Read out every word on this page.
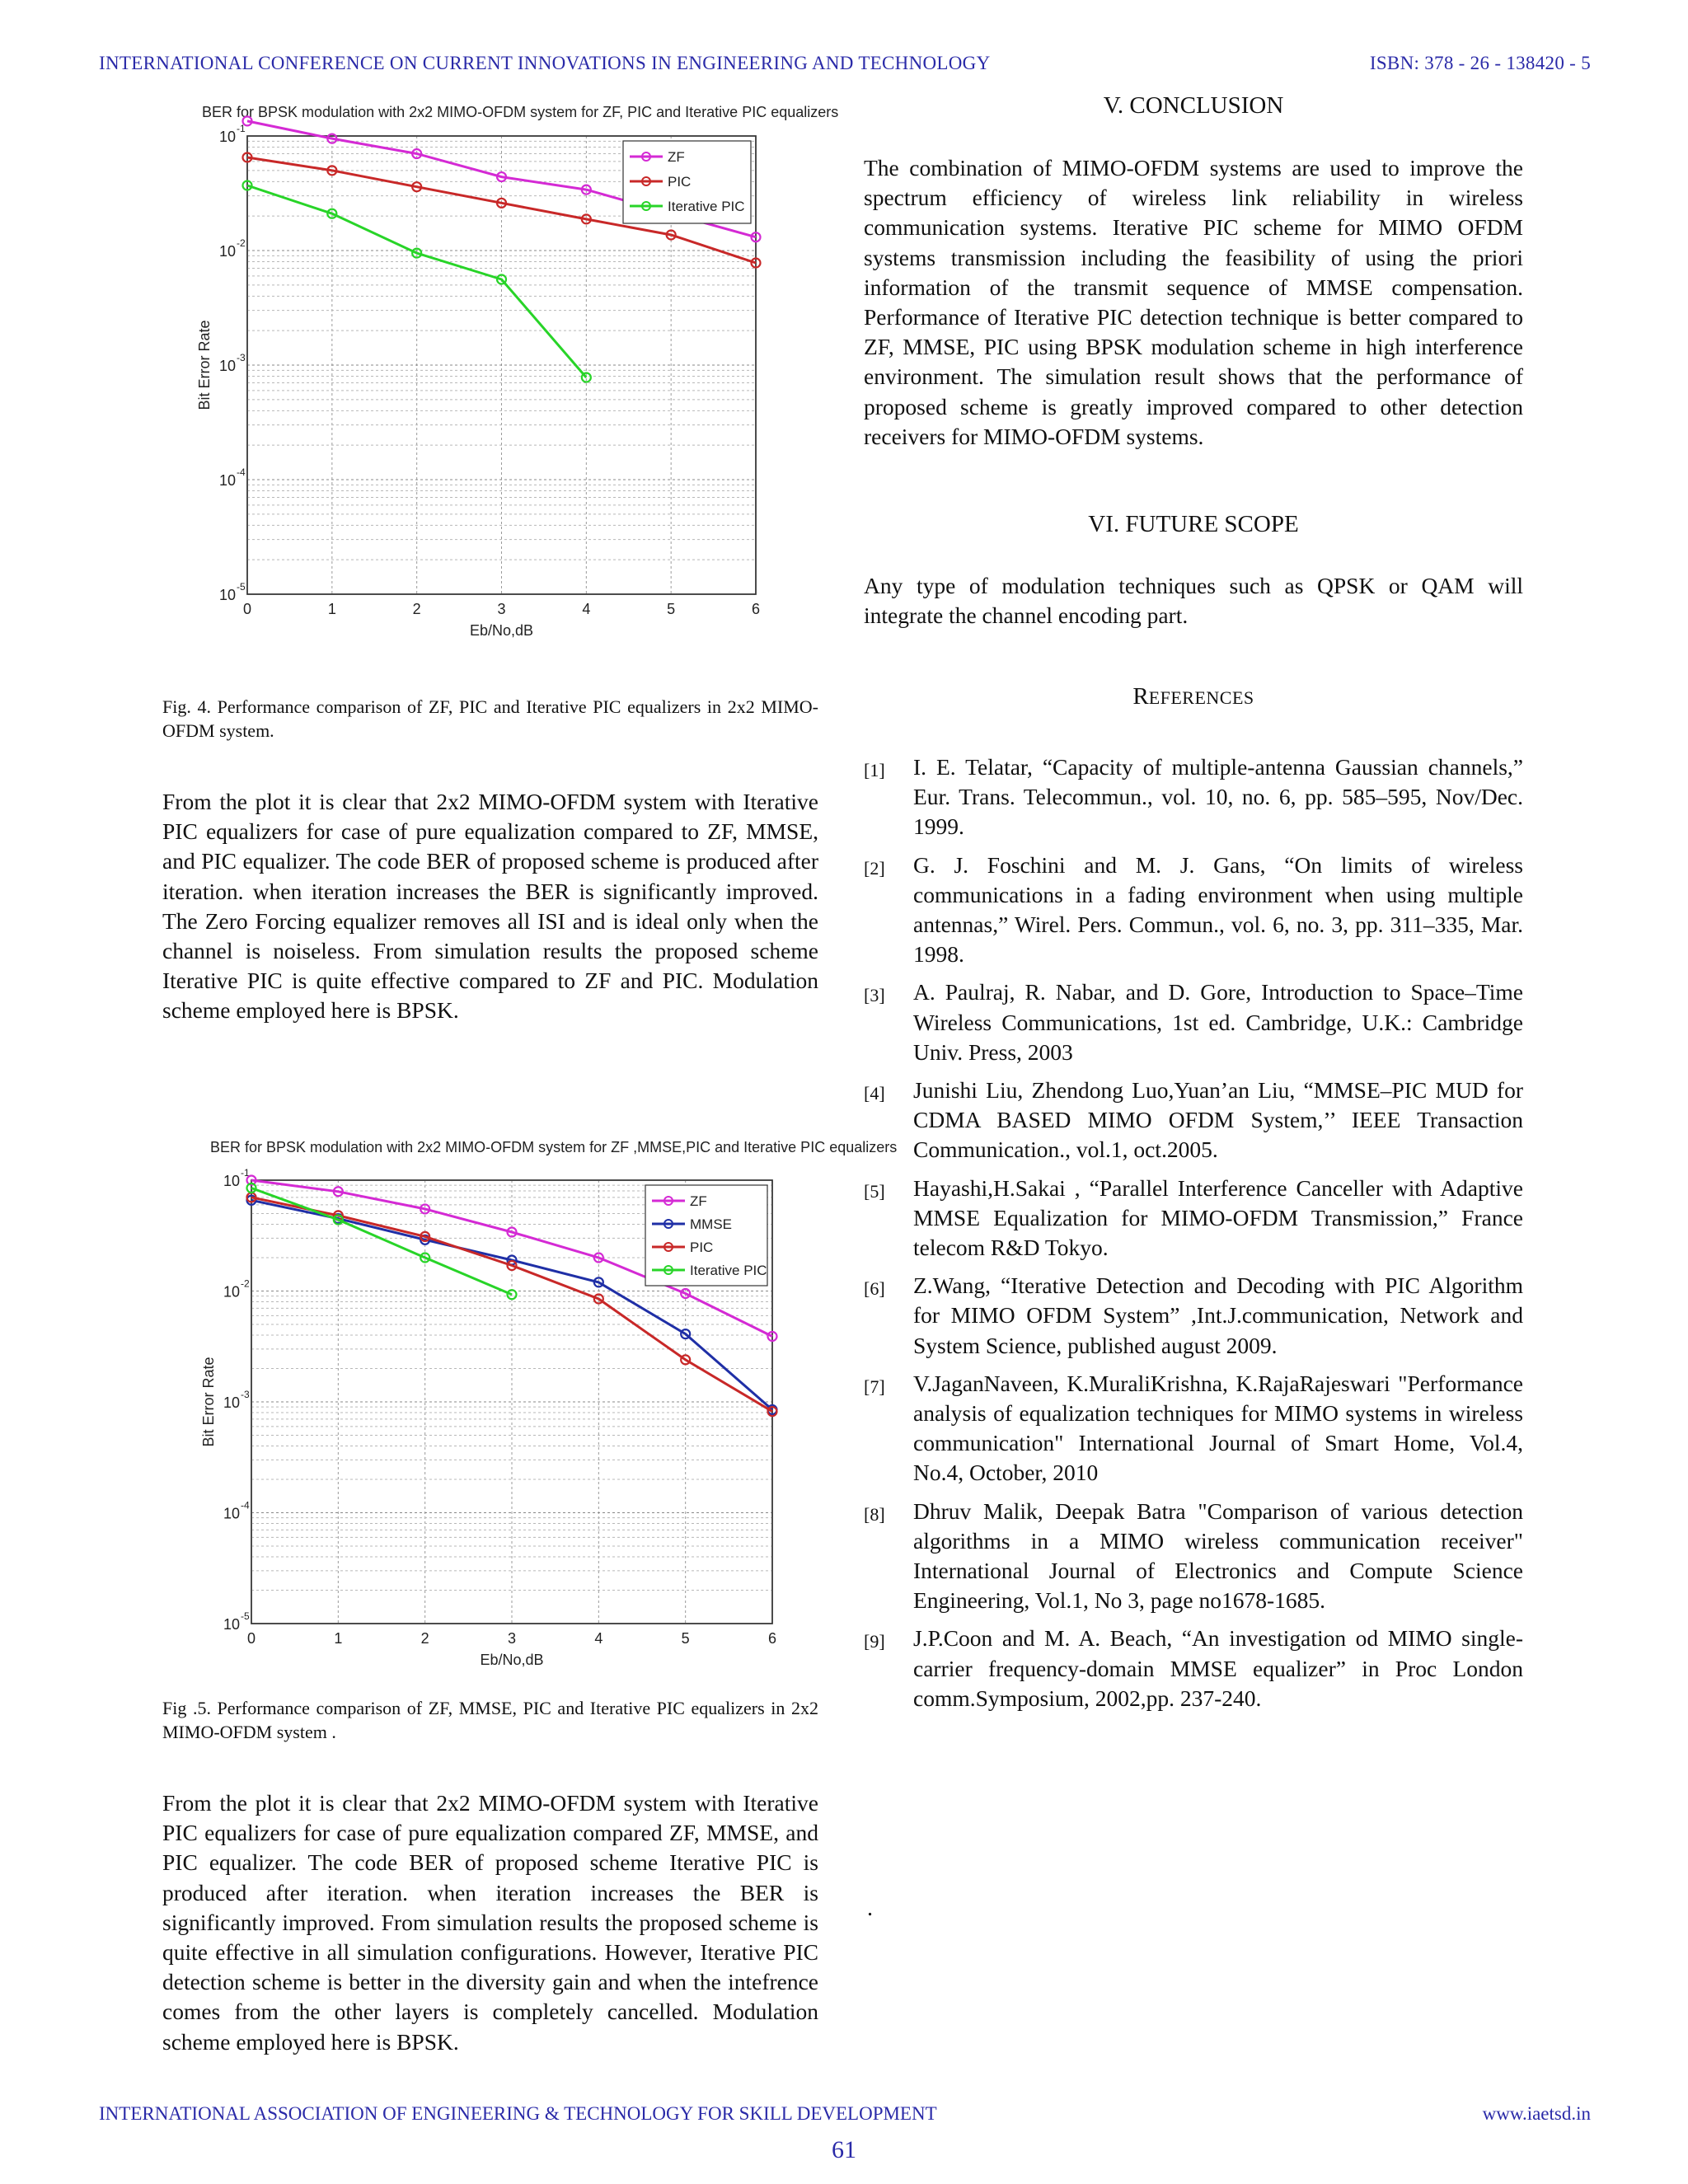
INTERNATIONAL CONFERENCE ON CURRENT INNOVATIONS IN ENGINEERING AND TECHNOLOGY	ISBN: 378 - 26 - 138420 - 5
BER for BPSK modulation with 2x2 MIMO-OFDM system for ZF, PIC and Iterative PIC equalizers
0	1	2	3	4	5	6
10 -1
10 -2
10 -3
10 -4
10 -5
Eb/No,dB
Bit Error Rate
ZF
PIC
Iterative PIC
Fig. 4. Performance comparison of ZF, PIC and Iterative PIC equalizers in 2x2 MIMO-OFDM system.
From the plot it is clear that 2x2 MIMO-OFDM system with Iterative PIC equalizers for case of pure equalization compared to ZF, MMSE, and PIC equalizer. The code BER of proposed scheme is produced after iteration. when iteration increases the BER is significantly improved. The Zero Forcing equalizer removes all ISI and is ideal only when the channel is noiseless. From simulation results the proposed scheme Iterative PIC is quite effective compared to ZF and PIC. Modulation scheme employed here is BPSK.
BER for BPSK modulation with 2x2 MIMO-OFDM system for ZF ,MMSE,PIC and Iterative PIC equalizers
0	1	2	3	4	5	6
10 -1
10 -2
10 -3
10 -4
10 -5
Eb/No,dB
Bit Error Rate
ZF
MMSE
PIC
Iterative PIC
Fig .5. Performance comparison of ZF, MMSE, PIC and Iterative PIC equalizers in 2x2 MIMO-OFDM system .
From the plot it is clear that 2x2 MIMO-OFDM system with Iterative PIC equalizers for case of pure equalization compared ZF, MMSE, and PIC equalizer. The code BER of proposed scheme Iterative PIC is produced after iteration. when iteration increases the BER is significantly improved. From simulation results the proposed scheme is quite effective in all simulation configurations. However, Iterative PIC detection scheme is better in the diversity gain and when the intefrence comes from the other layers is completely cancelled. Modulation scheme employed here is BPSK.
V. CONCLUSION
The combination of MIMO-OFDM systems are used to improve the spectrum efficiency of wireless link reliability in wireless communication systems. Iterative PIC scheme for MIMO OFDM systems transmission including the feasibility of using the priori information of the transmit sequence of MMSE compensation. Performance of Iterative PIC detection technique is better compared to ZF, MMSE, PIC using BPSK modulation scheme in high interference environment. The simulation result shows that the performance of proposed scheme is greatly improved compared to other detection receivers for MIMO-OFDM systems.
VI. FUTURE SCOPE
Any type of modulation techniques such as QPSK or QAM will integrate the channel encoding part.
REFERENCES
[1]	I. E. Telatar, “Capacity of multiple-antenna Gaussian channels,” Eur. Trans. Telecommun., vol. 10, no. 6, pp. 585–595, Nov/Dec. 1999.
[2]	G. J. Foschini and M. J. Gans, “On limits of wireless communications in a fading environment when using multiple antennas,” Wirel. Pers. Commun., vol. 6, no. 3, pp. 311–335, Mar. 1998.
[3]	A. Paulraj, R. Nabar, and D. Gore, Introduction to Space–Time Wireless Communications, 1st ed. Cambridge, U.K.: Cambridge Univ. Press, 2003
[4]	Junishi Liu, Zhendong Luo,Yuan’an Liu, “MMSE–PIC MUD for CDMA BASED MIMO OFDM System,’’ IEEE Transaction Communication., vol.1, oct.2005.
[5]	Hayashi,H.Sakai , “Parallel Interference Canceller with Adaptive MMSE Equalization for MIMO-OFDM Transmission,” France telecom R&D Tokyo.
[6]	Z.Wang, “Iterative Detection and Decoding with PIC Algorithm for MIMO OFDM System” ,Int.J.communication, Network and System Science, published august 2009.
[7]	V.JaganNaveen, K.MuraliKrishna, K.RajaRajeswari "Performance analysis of equalization techniques for MIMO systems in wireless communication" International Journal of Smart Home, Vol.4, No.4, October, 2010
[8]	Dhruv Malik, Deepak Batra "Comparison of various detection algorithms in a MIMO wireless communication receiver" International Journal of Electronics and Compute Science Engineering, Vol.1, No 3, page no1678-1685.
[9]	J.P.Coon and M. A. Beach, “An investigation od MIMO single-carrier frequency-domain MMSE equalizer” in Proc London comm.Symposium, 2002,pp. 237-240.
.
INTERNATIONAL ASSOCIATION OF ENGINEERING & TECHNOLOGY FOR SKILL DEVELOPMENT	www.iaetsd.in
61
